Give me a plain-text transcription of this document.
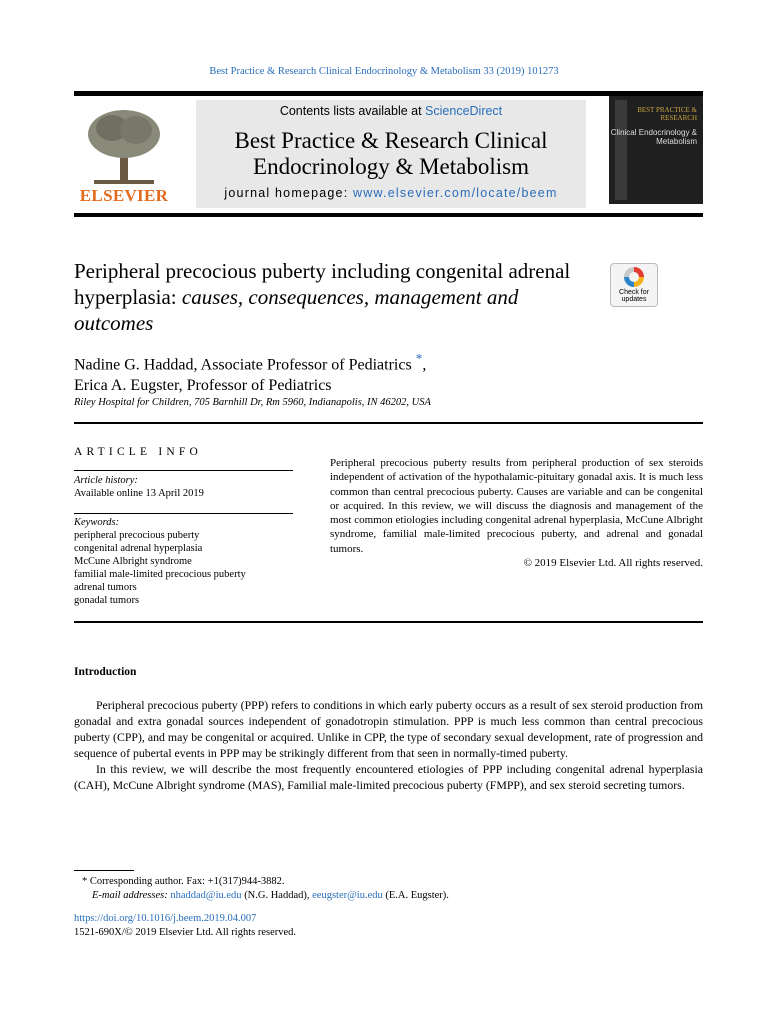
Best Practice & Research Clinical Endocrinology & Metabolism 33 (2019) 101273
ELSEVIER
Contents lists available at ScienceDirect
Best Practice & Research Clinical Endocrinology & Metabolism
journal homepage: www.elsevier.com/locate/beem
BEST PRACTICE & RESEARCH
Clinical Endocrinology & Metabolism
Peripheral precocious puberty including congenital adrenal hyperplasia: causes, consequences, management and outcomes
Check for
updates
Nadine G. Haddad, Associate Professor of Pediatrics *,
Erica A. Eugster, Professor of Pediatrics
Riley Hospital for Children, 705 Barnhill Dr, Rm 5960, Indianapolis, IN 46202, USA
ARTICLE INFO
Article history:
Available online 13 April 2019
Keywords:
peripheral precocious puberty
congenital adrenal hyperplasia
McCune Albright syndrome
familial male-limited precocious puberty
adrenal tumors
gonadal tumors
Peripheral precocious puberty results from peripheral production of sex steroids independent of activation of the hypothalamic-pituitary gonadal axis. It is much less common than central precocious puberty. Causes are variable and can be congenital or acquired. In this review, we will discuss the diagnosis and management of the most common etiologies including congenital adrenal hyperplasia, McCune Albright syndrome, familial male-limited precocious puberty, and adrenal and gonadal tumors.
© 2019 Elsevier Ltd. All rights reserved.
Introduction

Peripheral precocious puberty (PPP) refers to conditions in which early puberty occurs as a result of sex steroid production from gonadal and extra gonadal sources independent of gonadotropin stimulation. PPP is much less common than central precocious puberty (CPP), and may be congenital or acquired. Unlike in CPP, the type of secondary sexual development, rate of progression and sequence of pubertal events in PPP may be strikingly different from that seen in normally-timed puberty.

In this review, we will describe the most frequently encountered etiologies of PPP including congenital adrenal hyperplasia (CAH), McCune Albright syndrome (MAS), Familial male-limited precocious puberty (FMPP), and sex steroid secreting tumors.

* Corresponding author. Fax: +1(317)944-3882.
E-mail addresses: nhaddad@iu.edu (N.G. Haddad), eeugster@iu.edu (E.A. Eugster).
https://doi.org/10.1016/j.beem.2019.04.007
1521-690X/© 2019 Elsevier Ltd. All rights reserved.
